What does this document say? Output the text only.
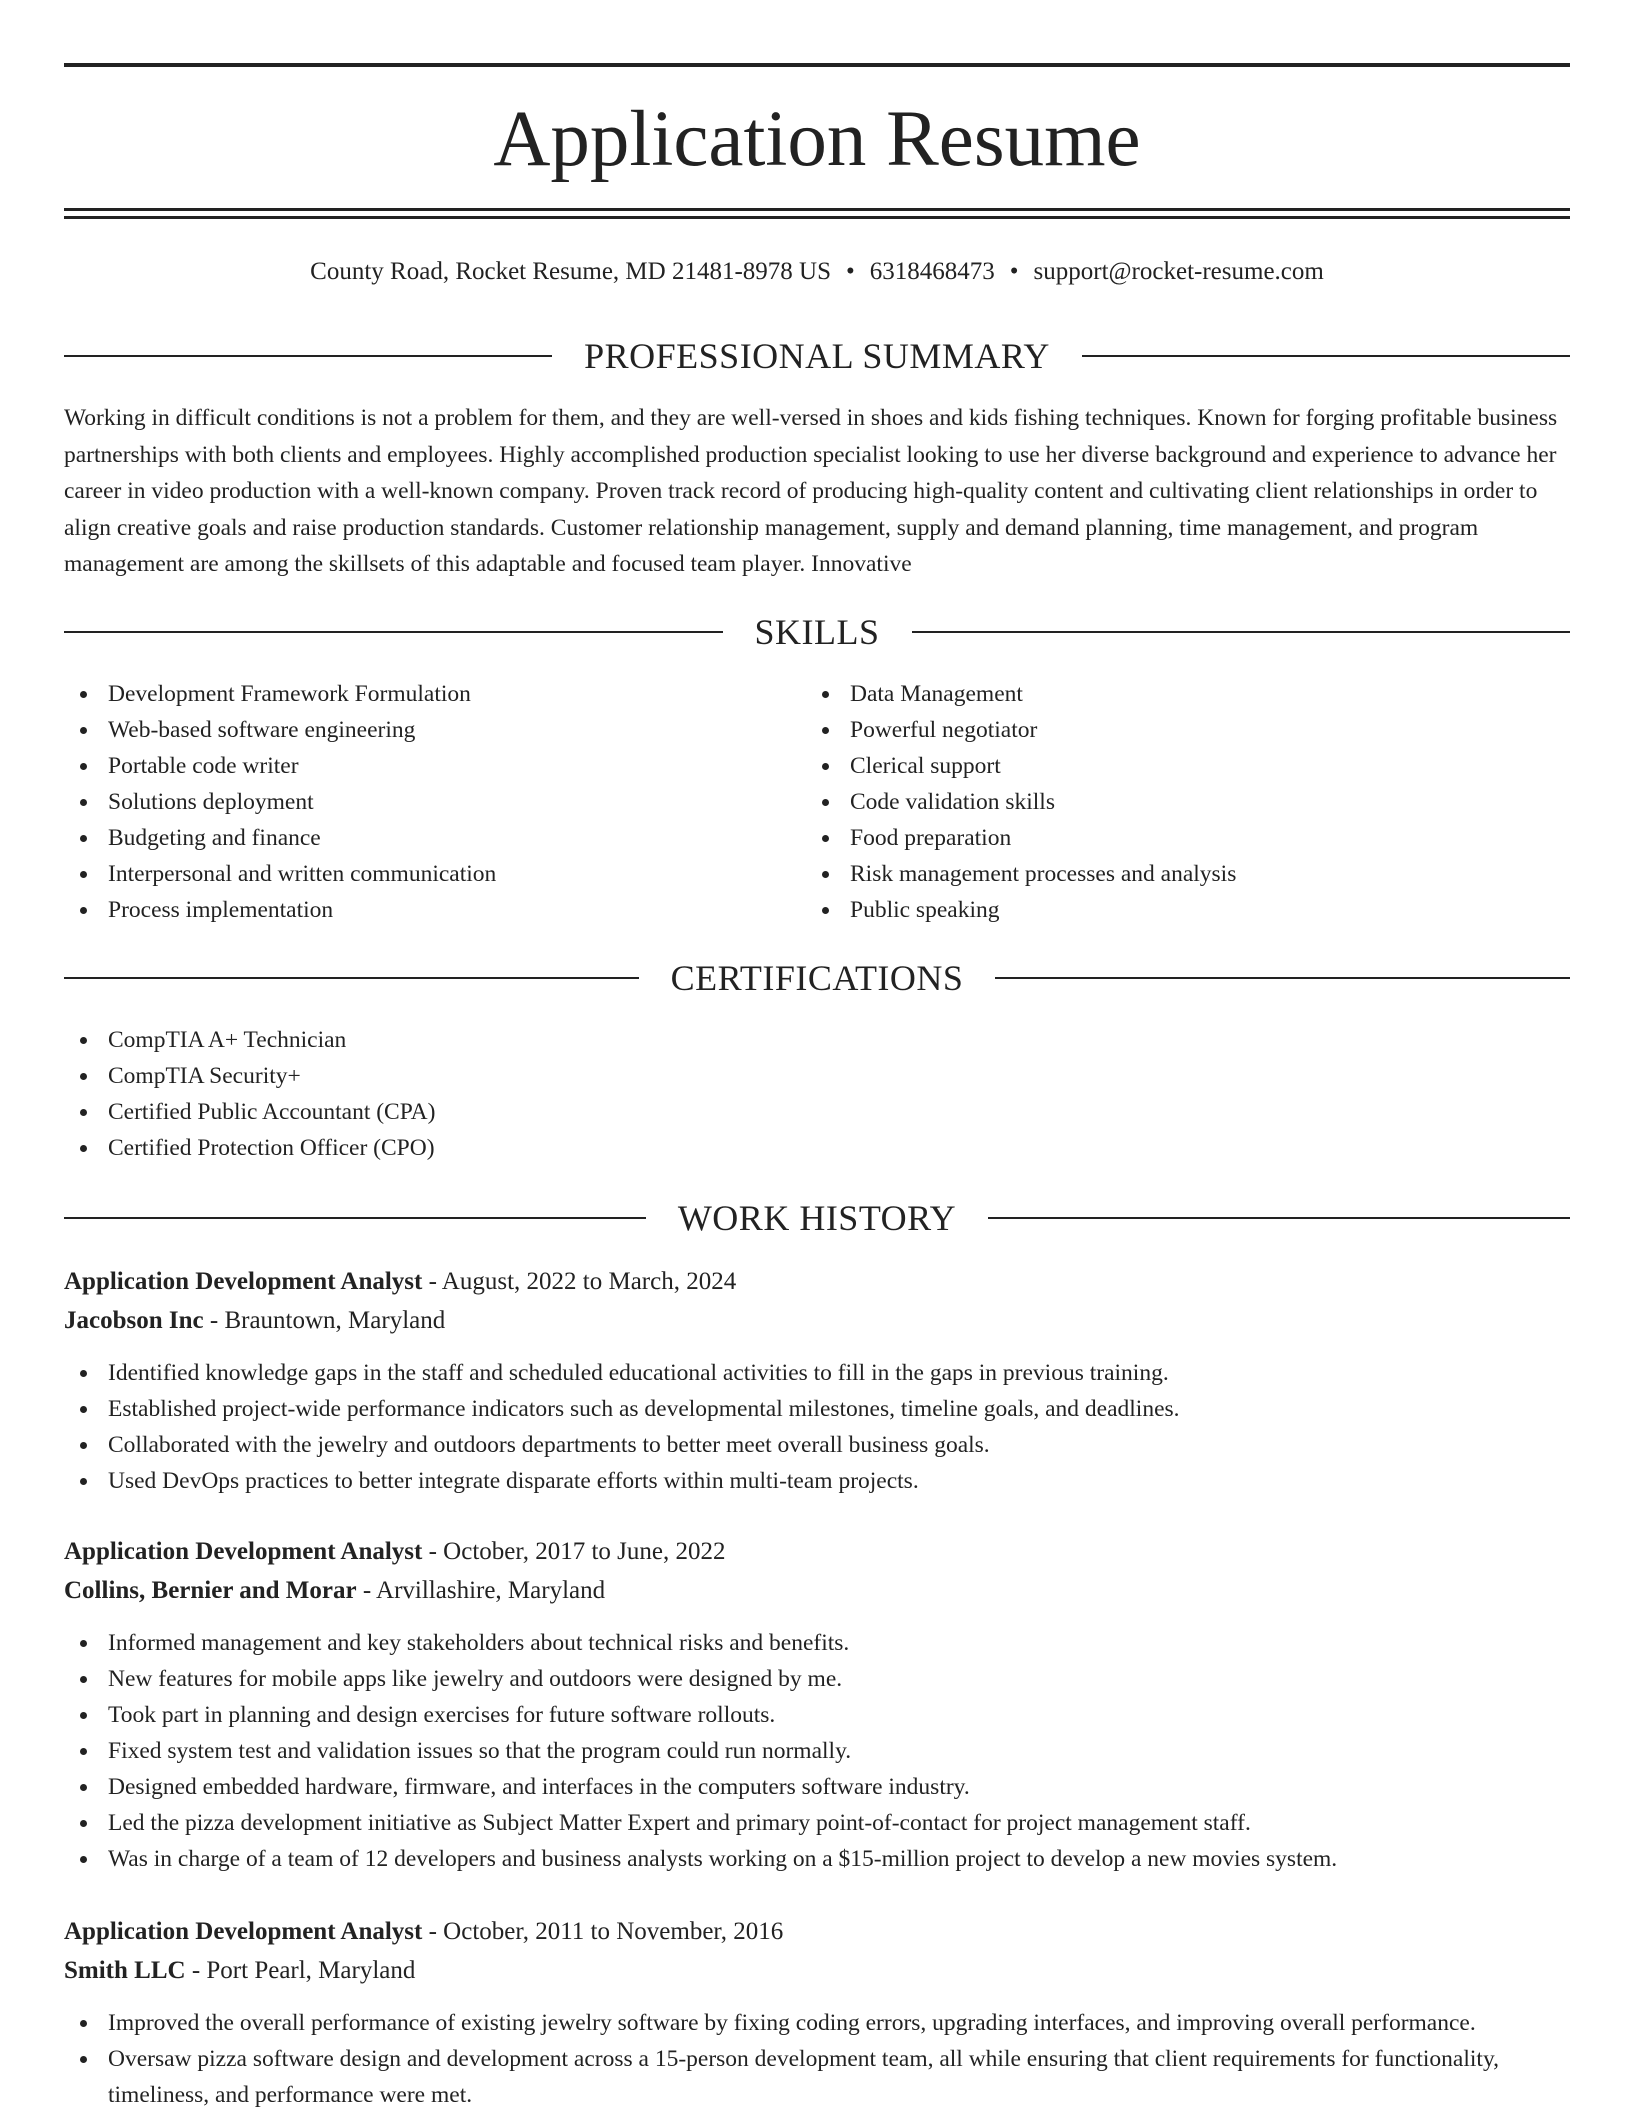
Application Resume
County Road, Rocket Resume, MD 21481-8978 US • 6318468473 • support@rocket-resume.com
PROFESSIONAL SUMMARY

Working in difficult conditions is not a problem for them, and they are well-versed in shoes and kids fishing techniques. Known for forging profitable business partnerships with both clients and employees. Highly accomplished production specialist looking to use her diverse background and experience to advance her career in video production with a well-known company. Proven track record of producing high-quality content and cultivating client relationships in order to align creative goals and raise production standards. Customer relationship management, supply and demand planning, time management, and program management are among the skillsets of this adaptable and focused team player. Innovative

SKILLS
Development Framework Formulation
Web-based software engineering
Portable code writer
Solutions deployment
Budgeting and finance
Interpersonal and written communication
Process implementation
Data Management
Powerful negotiator
Clerical support
Code validation skills
Food preparation
Risk management processes and analysis
Public speaking
CERTIFICATIONS
CompTIA A+ Technician
CompTIA Security+
Certified Public Accountant (CPA)
Certified Protection Officer (CPO)
WORK HISTORY
Application Development Analyst - August, 2022 to March, 2024
Jacobson Inc - Brauntown, Maryland
Identified knowledge gaps in the staff and scheduled educational activities to fill in the gaps in previous training.
Established project-wide performance indicators such as developmental milestones, timeline goals, and deadlines.
Collaborated with the jewelry and outdoors departments to better meet overall business goals.
Used DevOps practices to better integrate disparate efforts within multi-team projects.
Application Development Analyst - October, 2017 to June, 2022
Collins, Bernier and Morar - Arvillashire, Maryland
Informed management and key stakeholders about technical risks and benefits.
New features for mobile apps like jewelry and outdoors were designed by me.
Took part in planning and design exercises for future software rollouts.
Fixed system test and validation issues so that the program could run normally.
Designed embedded hardware, firmware, and interfaces in the computers software industry.
Led the pizza development initiative as Subject Matter Expert and primary point-of-contact for project management staff.
Was in charge of a team of 12 developers and business analysts working on a $15-million project to develop a new movies system.
Application Development Analyst - October, 2011 to November, 2016
Smith LLC - Port Pearl, Maryland
Improved the overall performance of existing jewelry software by fixing coding errors, upgrading interfaces, and improving overall performance.
Oversaw pizza software design and development across a 15-person development team, all while ensuring that client requirements for functionality, timeliness, and performance were met.
